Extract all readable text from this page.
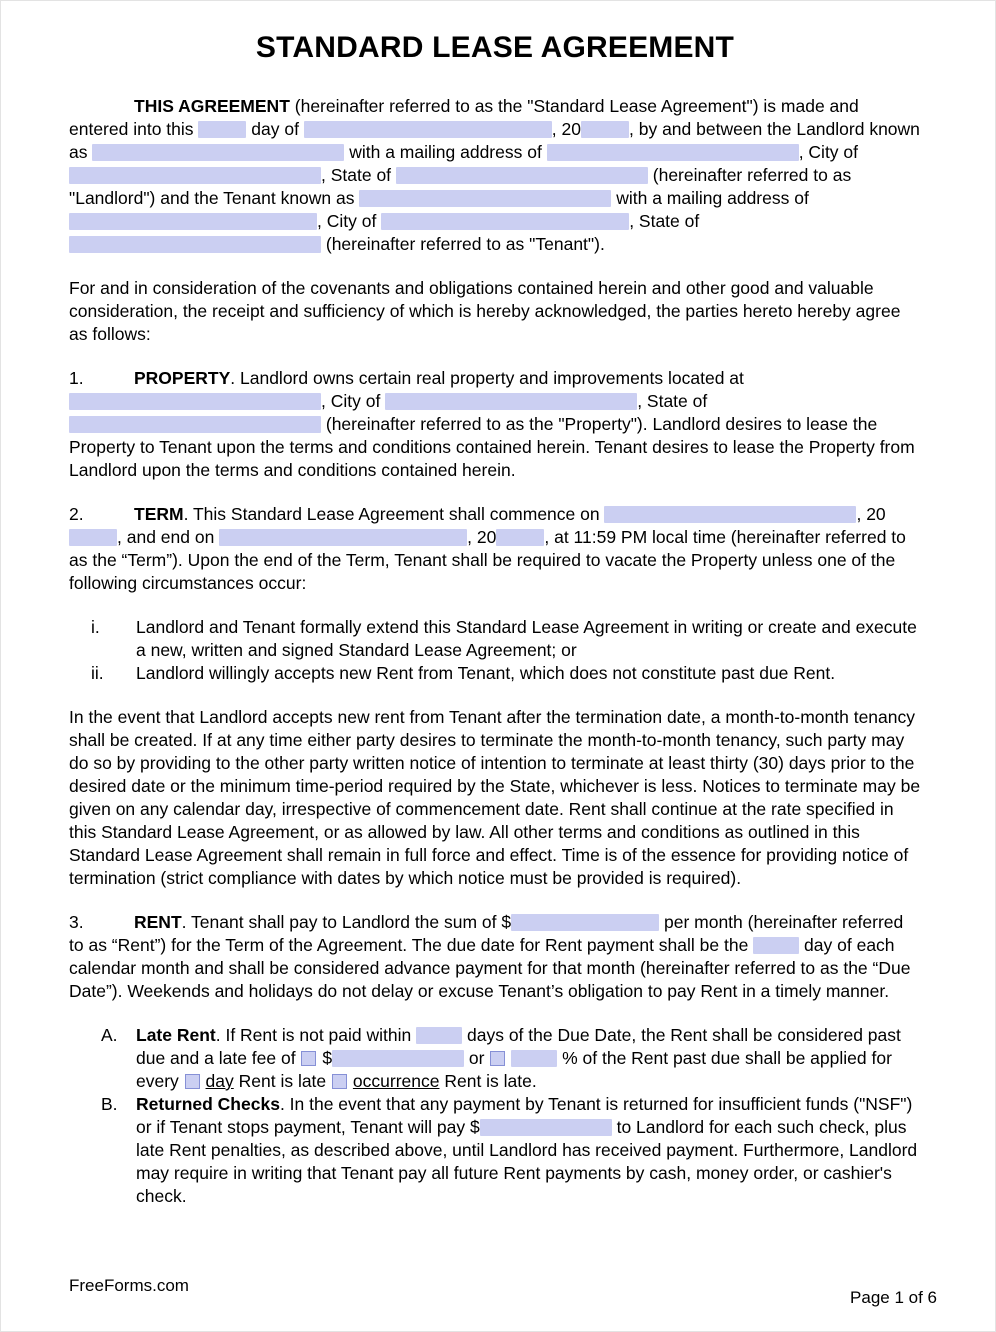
STANDARD LEASE AGREEMENT

THIS AGREEMENT (hereinafter referred to as the "Standard Lease Agreement") is made and entered into this	day of	, 20	, by and between the Landlord known as	with a mailing address of	, City of , State of	(hereinafter referred to as "Landlord") and the Tenant known as	with a mailing address of , City of	, State of  (hereinafter referred to as "Tenant").

For and in consideration of the covenants and obligations contained herein and other good and valuable consideration, the receipt and sufficiency of which is hereby acknowledged, the parties hereto hereby agree as follows:

1.	PROPERTY. Landlord owns certain real property and improvements located at , City of	, State of  (hereinafter referred to as the "Property"). Landlord desires to lease the Property to Tenant upon the terms and conditions contained herein. Tenant desires to lease the Property from Landlord upon the terms and conditions contained herein.

2.	TERM. This Standard Lease Agreement shall commence on	, 20, and end on	, 20	, at 11:59 PM local time (hereinafter referred to as the “Term”). Upon the end of the Term, Tenant shall be required to vacate the Property unless one of the following circumstances occur:

i.	Landlord and Tenant formally extend this Standard Lease Agreement in writing or create and execute a new, written and signed Standard Lease Agreement; or
ii.	Landlord willingly accepts new Rent from Tenant, which does not constitute past due Rent.

In the event that Landlord accepts new rent from Tenant after the termination date, a month-to-month tenancy shall be created. If at any time either party desires to terminate the month-to-month tenancy, such party may do so by providing to the other party written notice of intention to terminate at least thirty (30) days prior to the desired date or the minimum time-period required by the State, whichever is less. Notices to terminate may be given on any calendar day, irrespective of commencement date. Rent shall continue at the rate specified in this Standard Lease Agreement, or as allowed by law. All other terms and conditions as outlined in this Standard Lease Agreement shall remain in full force and effect. Time is of the essence for providing notice of termination (strict compliance with dates by which notice must be provided is required).

3.	RENT. Tenant shall pay to Landlord the sum of $	per month (hereinafter referred to as “Rent”) for the Term of the Agreement. The due date for Rent payment shall be the	day of each calendar month and shall be considered advance payment for that month (hereinafter referred to as the “Due Date”). Weekends and holidays do not delay or excuse Tenant’s obligation to pay Rent in a timely manner.

A.	Late Rent. If Rent is not paid within	days of the Due Date, the Rent shall be considered past due and a late fee of  $	or	% of the Rent past due shall be applied for every  day Rent is late  occurrence Rent is late.
B.	Returned Checks. In the event that any payment by Tenant is returned for insufficient funds ("NSF") or if Tenant stops payment, Tenant will pay $	to Landlord for each such check, plus late Rent penalties, as described above, until Landlord has received payment. Furthermore, Landlord may require in writing that Tenant pay all future Rent payments by cash, money order, or cashier's check.
FreeForms.com
Page 1 of 6
